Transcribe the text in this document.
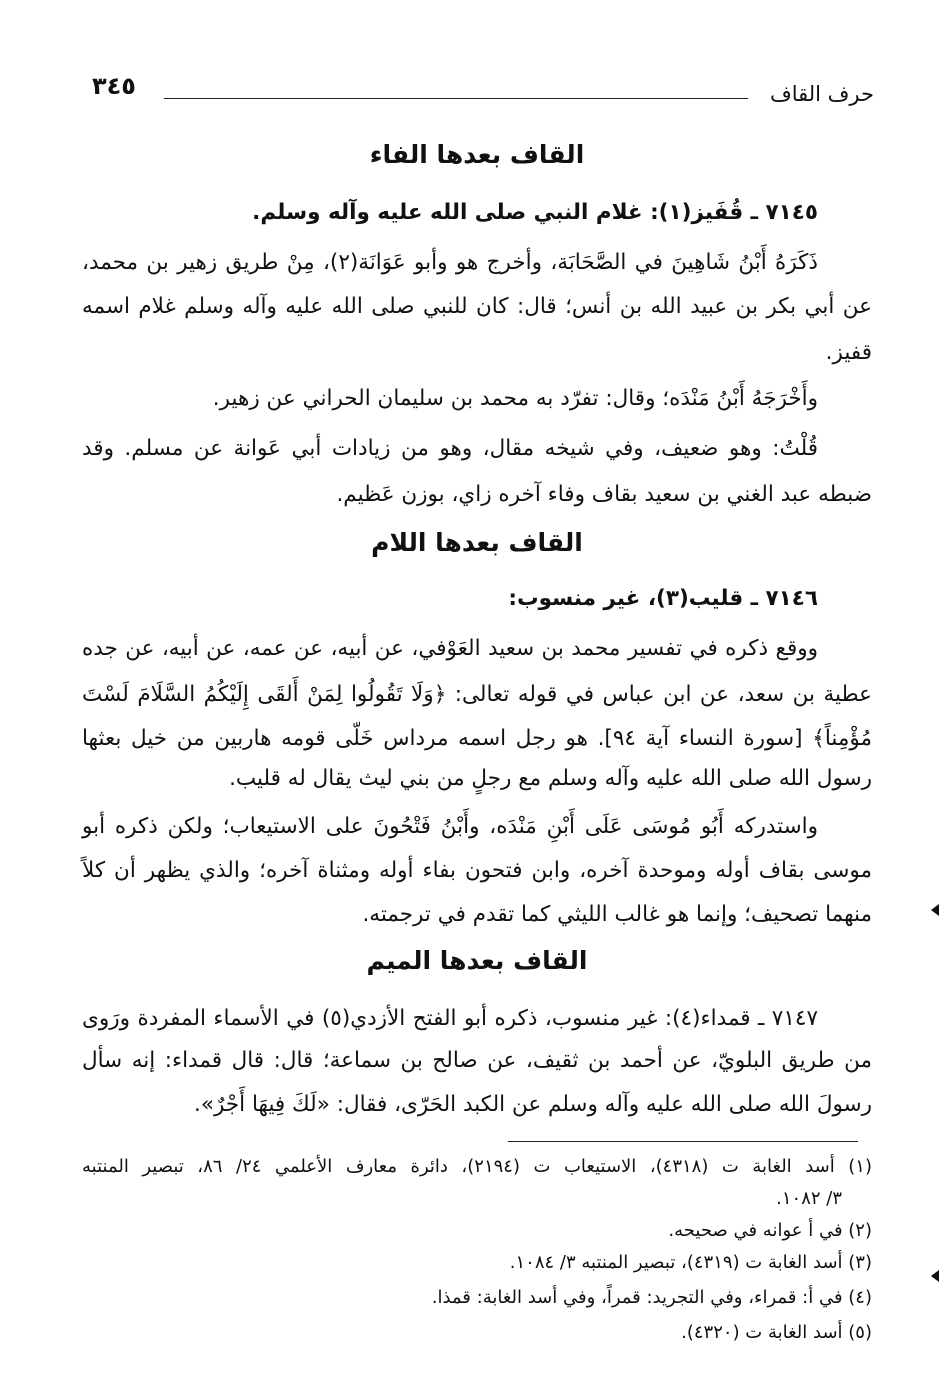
٣٤٥	حرف القاف
القاف بعدها الفاء
٧١٤٥ ـ قُفَيز(١): غلام النبي صلى الله عليه وآله وسلم.
ذَكَرَهُ أَبْنُ شَاهِينَ في الصَّحَابَة، وأخرج هو وأبو عَوَانَة(٢)، مِنْ طريق زهير بن محمد،
عن أبي بكر بن عبيد الله بن أنس؛ قال: كان للنبي صلى الله عليه وآله وسلم غلام اسمه
قفيز.
وأَخْرَجَهُ أَبْنُ مَنْدَه؛ وقال: تفرّد به محمد بن سليمان الحراني عن زهير.
قُلْتُ: وهو ضعيف، وفي شيخه مقال، وهو من زيادات أبي عَوانة عن مسلم. وقد
ضبطه عبد الغني بن سعيد بقاف وفاء آخره زاي، بوزن عَظيم.
القاف بعدها اللام
٧١٤٦ ـ قليب(٣)، غير منسوب:
ووقع ذكره في تفسير محمد بن سعيد العَوْفي، عن أبيه، عن عمه، عن أبيه، عن جده
عطية بن سعد، عن ابن عباس في قوله تعالى: ﴿وَلَا تَقُولُوا لِمَنْ أَلقَى إِلَيْكُمُ السَّلَامَ لَسْتَ
مُؤْمِناً﴾ [سورة النساء آية ٩٤]. هو رجل اسمه مرداس خَلّى قومه هاربين من خيل بعثها
رسول الله صلى الله عليه وآله وسلم مع رجلٍ من بني ليث يقال له قليب.
واستدركه أَبُو مُوسَى عَلَى أَبْنِ مَنْدَه، وأَبْنُ فَتْحُونَ على الاستيعاب؛ ولكن ذكره أبو
موسى بقاف أوله وموحدة آخره، وابن فتحون بفاء أوله ومثناة آخره؛ والذي يظهر أن كلاً
منهما تصحيف؛ وإنما هو غالب الليثي كما تقدم في ترجمته.
القاف بعدها الميم
٧١٤٧ ـ قمداء(٤): غير منسوب، ذكره أبو الفتح الأزدي(٥) في الأسماء المفردة ورَوى
من طريق البلويّ، عن أحمد بن ثقيف، عن صالح بن سماعة؛ قال: قال قمداء: إنه سأل
رسولَ الله صلى الله عليه وآله وسلم عن الكبد الحَرّى، فقال: «لَكَ فِيهَا أَجْرٌ».
(١) أسد الغابة ت (٤٣١٨)، الاستيعاب ت (٢١٩٤)، دائرة معارف الأعلمي ٢٤/ ٨٦، تبصير المنتبه
٣/ ١٠٨٢.
(٢) في أ عوانه في صحيحه.
(٣) أسد الغابة ت (٤٣١٩)، تبصير المنتبه ٣/ ١٠٨٤.
(٤) في أ: قمراء، وفي التجريد: قمراً، وفي أسد الغابة: قمذا.
(٥) أسد الغابة ت (٤٣٢٠).
